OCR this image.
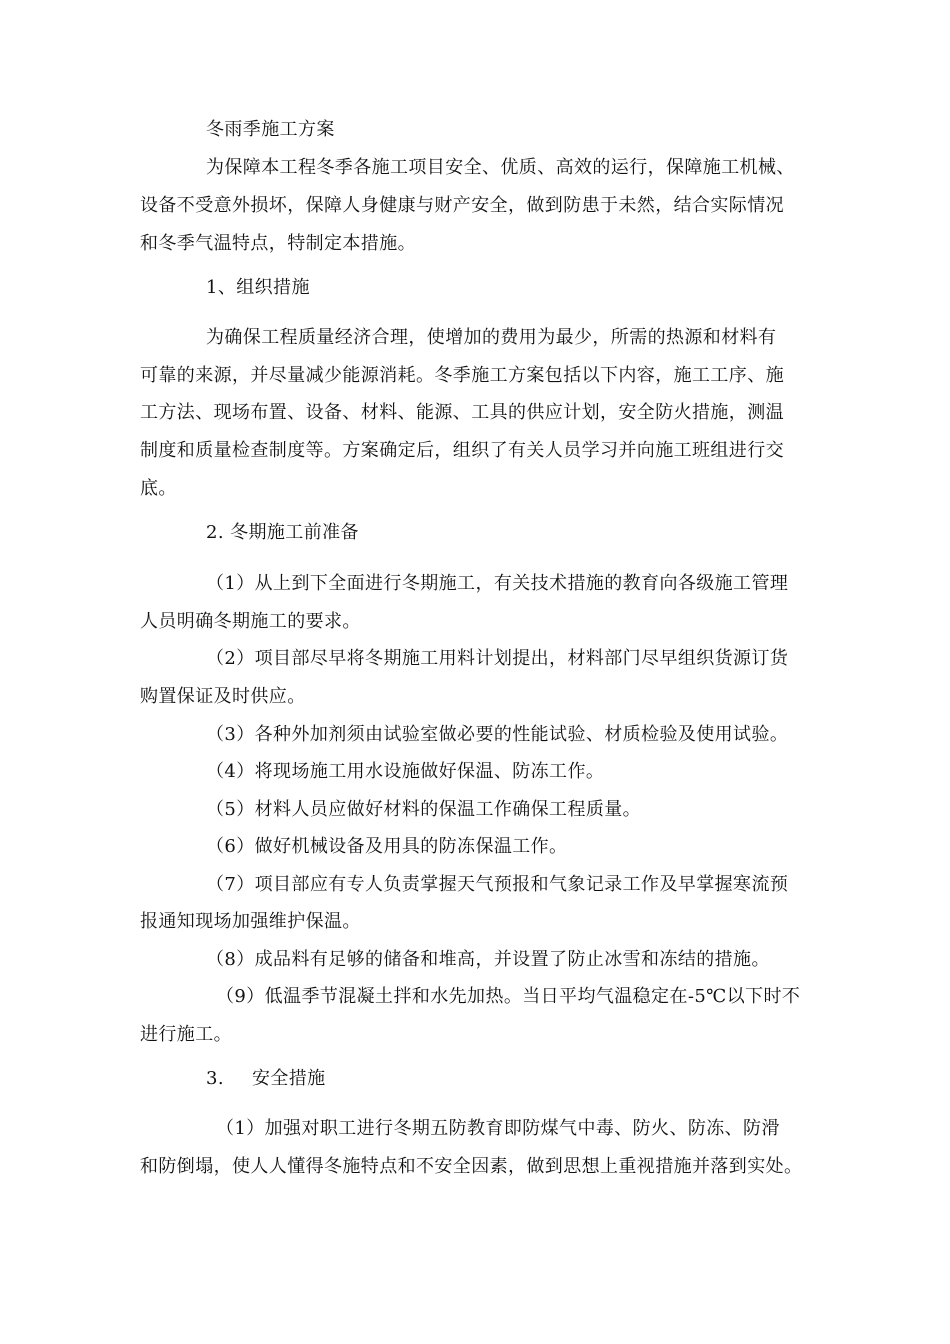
冬雨季施工方案
为保障本工程冬季各施工项目安全、优质、高效的运行，保障施工机械、
设备不受意外损坏，保障人身健康与财产安全，做到防患于未然，结合实际情况
和冬季气温特点，特制定本措施。
1、组织措施
为确保工程质量经济合理，使增加的费用为最少，所需的热源和材料有
可靠的来源，并尽量减少能源消耗。冬季施工方案包括以下内容，施工工序、施
工方法、现场布置、设备、材料、能源、工具的供应计划，安全防火措施，测温
制度和质量检查制度等。方案确定后，组织了有关人员学习并向施工班组进行交
底。
2. 冬期施工前准备
（1）从上到下全面进行冬期施工，有关技术措施的教育向各级施工管理
人员明确冬期施工的要求。
（2）项目部尽早将冬期施工用料计划提出，材料部门尽早组织货源订货
购置保证及时供应。
（3）各种外加剂须由试验室做必要的性能试验、材质检验及使用试验。
（4）将现场施工用水设施做好保温、防冻工作。
（5）材料人员应做好材料的保温工作确保工程质量。
（6）做好机械设备及用具的防冻保温工作。
（7）项目部应有专人负责掌握天气预报和气象记录工作及早掌握寒流预
报通知现场加强维护保温。
（8）成品料有足够的储备和堆高，并设置了防止冰雪和冻结的措施。
（9）低温季节混凝土拌和水先加热。当日平均气温稳定在-5℃以下时不
进行施工。
3. 安全措施
（1）加强对职工进行冬期五防教育即防煤气中毒、防火、防冻、防滑
和防倒塌，使人人懂得冬施特点和不安全因素，做到思想上重视措施并落到实处。
